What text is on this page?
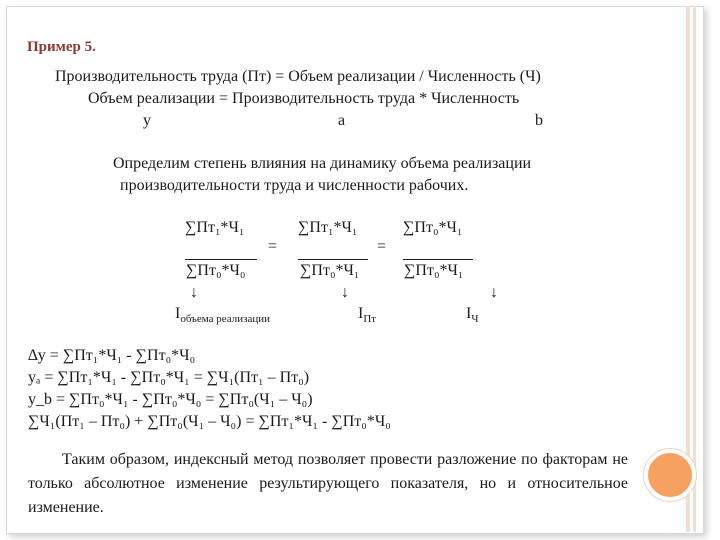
Пример 5.
Производительность труда (Пт) = Объем реализации / Численность (Ч)
Объем реализации = Производительность труда * Численность
у	а	b
Определим степень влияния на динамику объема реализации
производительности труда и численности рабочих.
∑Пт₁*Ч₁
∑Пт₀*Ч₀
=
∑Пт₁*Ч₁
∑Пт₀*Ч₁
=
∑Пт₀*Ч₁
∑Пт₀*Ч₁
↓	↓	↓
$I_{объема реализации}$	$I_{Пт}$	$I_Ч$
∆у = ∑Пт₁*Ч₁ - ∑Пт₀*Ч₀
уₐ = ∑Пт₁*Ч₁ - ∑Пт₀*Ч₁ = ∑Ч₁(Пт₁ – Пт₀)
у_b = ∑Пт₀*Ч₁ - ∑Пт₀*Ч₀ = ∑Пт₀(Ч₁ – Ч₀)
∑Ч₁(Пт₁ – Пт₀) + ∑Пт₀(Ч₁ – Ч₀) = ∑Пт₁*Ч₁ - ∑Пт₀*Ч₀
Таким образом, индексный метод позволяет провести разложение по факторам не только абсолютное изменение результирующего показателя, но и относительное изменение.
